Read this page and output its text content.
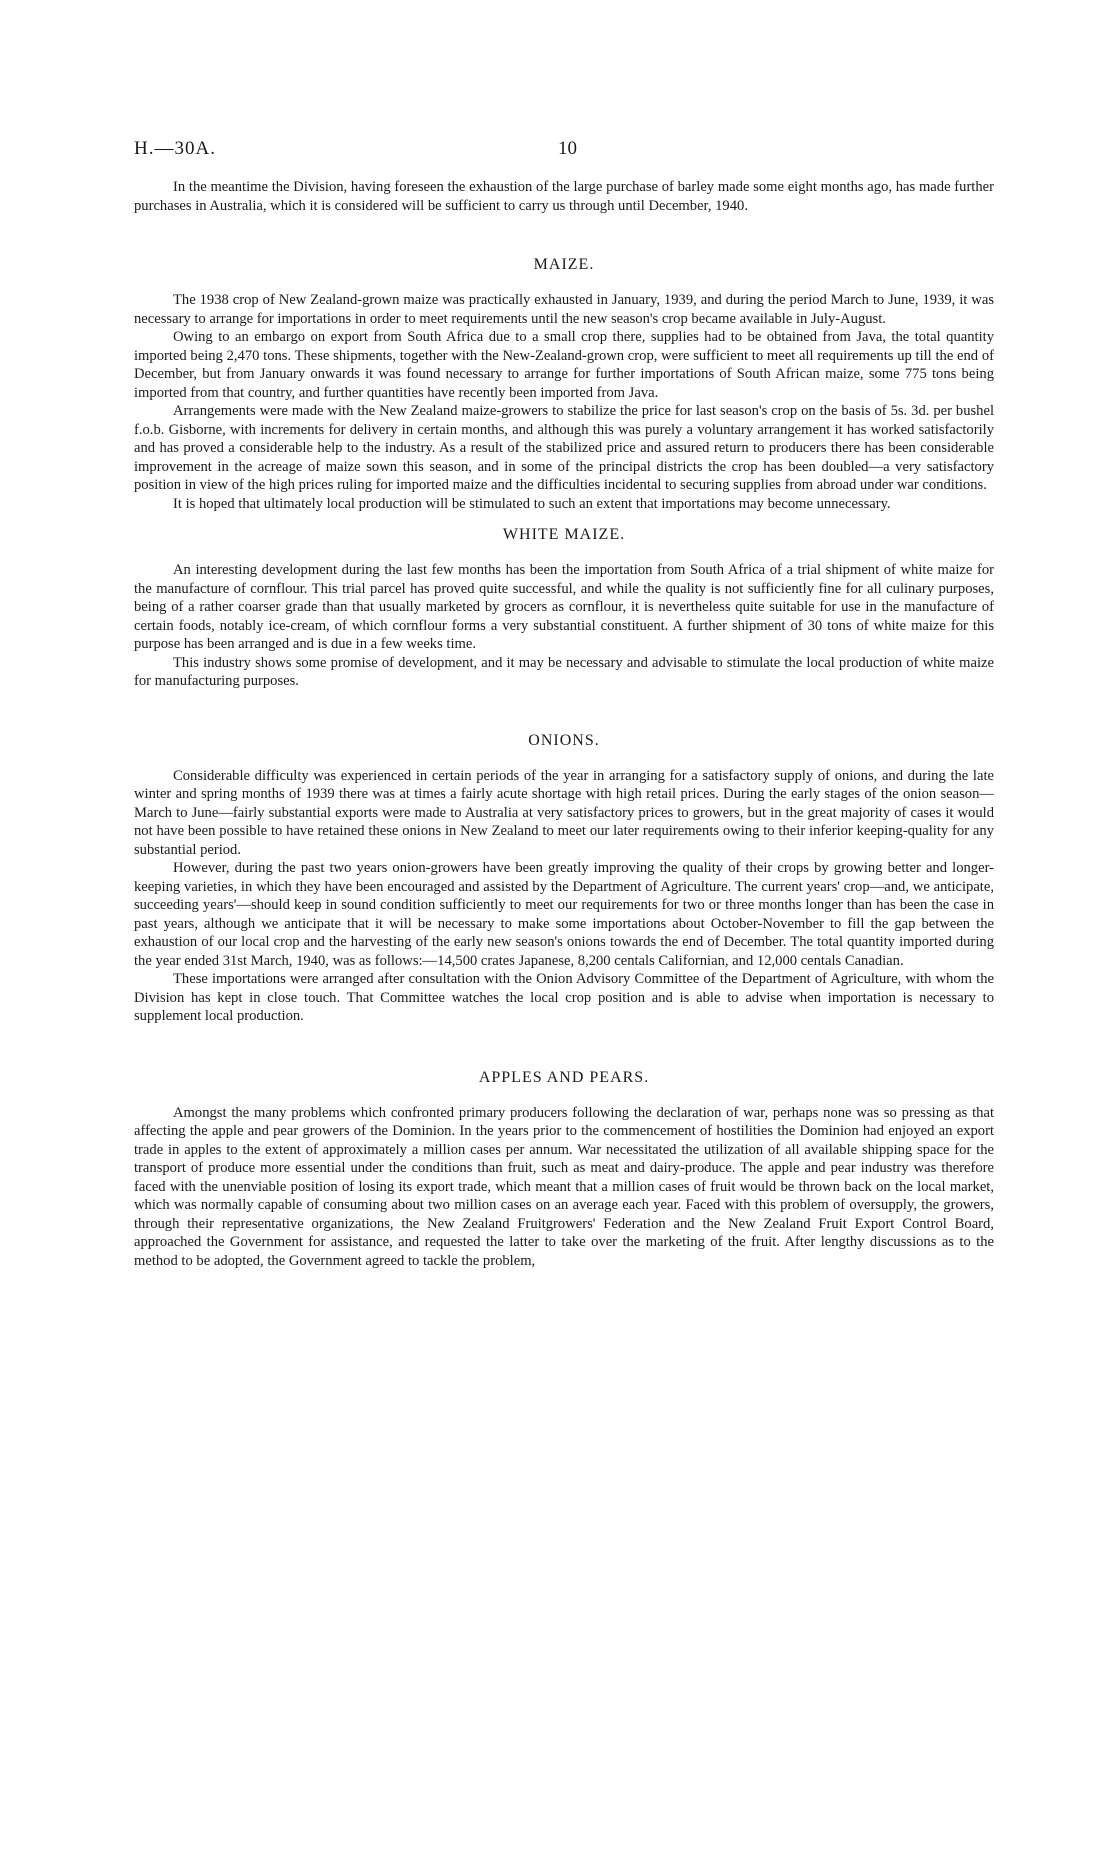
H.—30A.	10

In the meantime the Division, having foreseen the exhaustion of the large purchase of barley made some eight months ago, has made further purchases in Australia, which it is considered will be sufficient to carry us through until December, 1940.

MAIZE.

The 1938 crop of New Zealand-grown maize was practically exhausted in January, 1939, and during the period March to June, 1939, it was necessary to arrange for importations in order to meet requirements until the new season's crop became available in July-August.

Owing to an embargo on export from South Africa due to a small crop there, supplies had to be obtained from Java, the total quantity imported being 2,470 tons. These shipments, together with the New-Zealand-grown crop, were sufficient to meet all requirements up till the end of December, but from January onwards it was found necessary to arrange for further importations of South African maize, some 775 tons being imported from that country, and further quantities have recently been imported from Java.

Arrangements were made with the New Zealand maize-growers to stabilize the price for last season's crop on the basis of 5s. 3d. per bushel f.o.b. Gisborne, with increments for delivery in certain months, and although this was purely a voluntary arrangement it has worked satisfactorily and has proved a considerable help to the industry. As a result of the stabilized price and assured return to producers there has been considerable improvement in the acreage of maize sown this season, and in some of the principal districts the crop has been doubled—a very satisfactory position in view of the high prices ruling for imported maize and the difficulties incidental to securing supplies from abroad under war conditions.

It is hoped that ultimately local production will be stimulated to such an extent that importations may become unnecessary.

WHITE MAIZE.

An interesting development during the last few months has been the importation from South Africa of a trial shipment of white maize for the manufacture of cornflour. This trial parcel has proved quite successful, and while the quality is not sufficiently fine for all culinary purposes, being of a rather coarser grade than that usually marketed by grocers as cornflour, it is nevertheless quite suitable for use in the manufacture of certain foods, notably ice-cream, of which cornflour forms a very substantial constituent. A further shipment of 30 tons of white maize for this purpose has been arranged and is due in a few weeks time.

This industry shows some promise of development, and it may be necessary and advisable to stimulate the local production of white maize for manufacturing purposes.

ONIONS.

Considerable difficulty was experienced in certain periods of the year in arranging for a satisfactory supply of onions, and during the late winter and spring months of 1939 there was at times a fairly acute shortage with high retail prices. During the early stages of the onion season—March to June—fairly substantial exports were made to Australia at very satisfactory prices to growers, but in the great majority of cases it would not have been possible to have retained these onions in New Zealand to meet our later requirements owing to their inferior keeping-quality for any substantial period.

However, during the past two years onion-growers have been greatly improving the quality of their crops by growing better and longer-keeping varieties, in which they have been encouraged and assisted by the Department of Agriculture. The current years' crop—and, we anticipate, succeeding years'—should keep in sound condition sufficiently to meet our requirements for two or three months longer than has been the case in past years, although we anticipate that it will be necessary to make some importations about October-November to fill the gap between the exhaustion of our local crop and the harvesting of the early new season's onions towards the end of December. The total quantity imported during the year ended 31st March, 1940, was as follows:—14,500 crates Japanese, 8,200 centals Californian, and 12,000 centals Canadian.

These importations were arranged after consultation with the Onion Advisory Committee of the Department of Agriculture, with whom the Division has kept in close touch. That Committee watches the local crop position and is able to advise when importation is necessary to supplement local production.

APPLES AND PEARS.

Amongst the many problems which confronted primary producers following the declaration of war, perhaps none was so pressing as that affecting the apple and pear growers of the Dominion. In the years prior to the commencement of hostilities the Dominion had enjoyed an export trade in apples to the extent of approximately a million cases per annum. War necessitated the utilization of all available shipping space for the transport of produce more essential under the conditions than fruit, such as meat and dairy-produce. The apple and pear industry was therefore faced with the unenviable position of losing its export trade, which meant that a million cases of fruit would be thrown back on the local market, which was normally capable of consuming about two million cases on an average each year. Faced with this problem of oversupply, the growers, through their representative organizations, the New Zealand Fruitgrowers' Federation and the New Zealand Fruit Export Control Board, approached the Government for assistance, and requested the latter to take over the marketing of the fruit. After lengthy discussions as to the method to be adopted, the Government agreed to tackle the problem,
